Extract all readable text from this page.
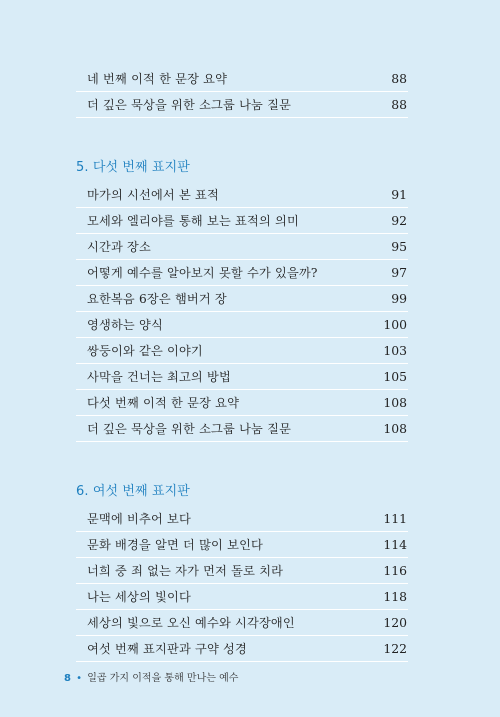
네 번째 이적 한 문장 요약	88
더 깊은 묵상을 위한 소그룹 나눔 질문	88
5. 다섯 번째 표지판
마가의 시선에서 본 표적	91
모세와 엘리야를 통해 보는 표적의 의미	92
시간과 장소	95
어떻게 예수를 알아보지 못할 수가 있을까?	97
요한복음 6장은 햄버거 장	99
영생하는 양식	100
쌍둥이와 같은 이야기	103
사막을 건너는 최고의 방법	105
다섯 번째 이적 한 문장 요약	108
더 깊은 묵상을 위한 소그룹 나눔 질문	108
6. 여섯 번째 표지판
문맥에 비추어 보다	111
문화 배경을 알면 더 많이 보인다	114
너희 중 죄 없는 자가 먼저 돌로 치라	116
나는 세상의 빛이다	118
세상의 빛으로 오신 예수와 시각장애인	120
여섯 번째 표지판과 구약 성경	122
8 • 일곱 가지 이적을 통해 만나는 예수
